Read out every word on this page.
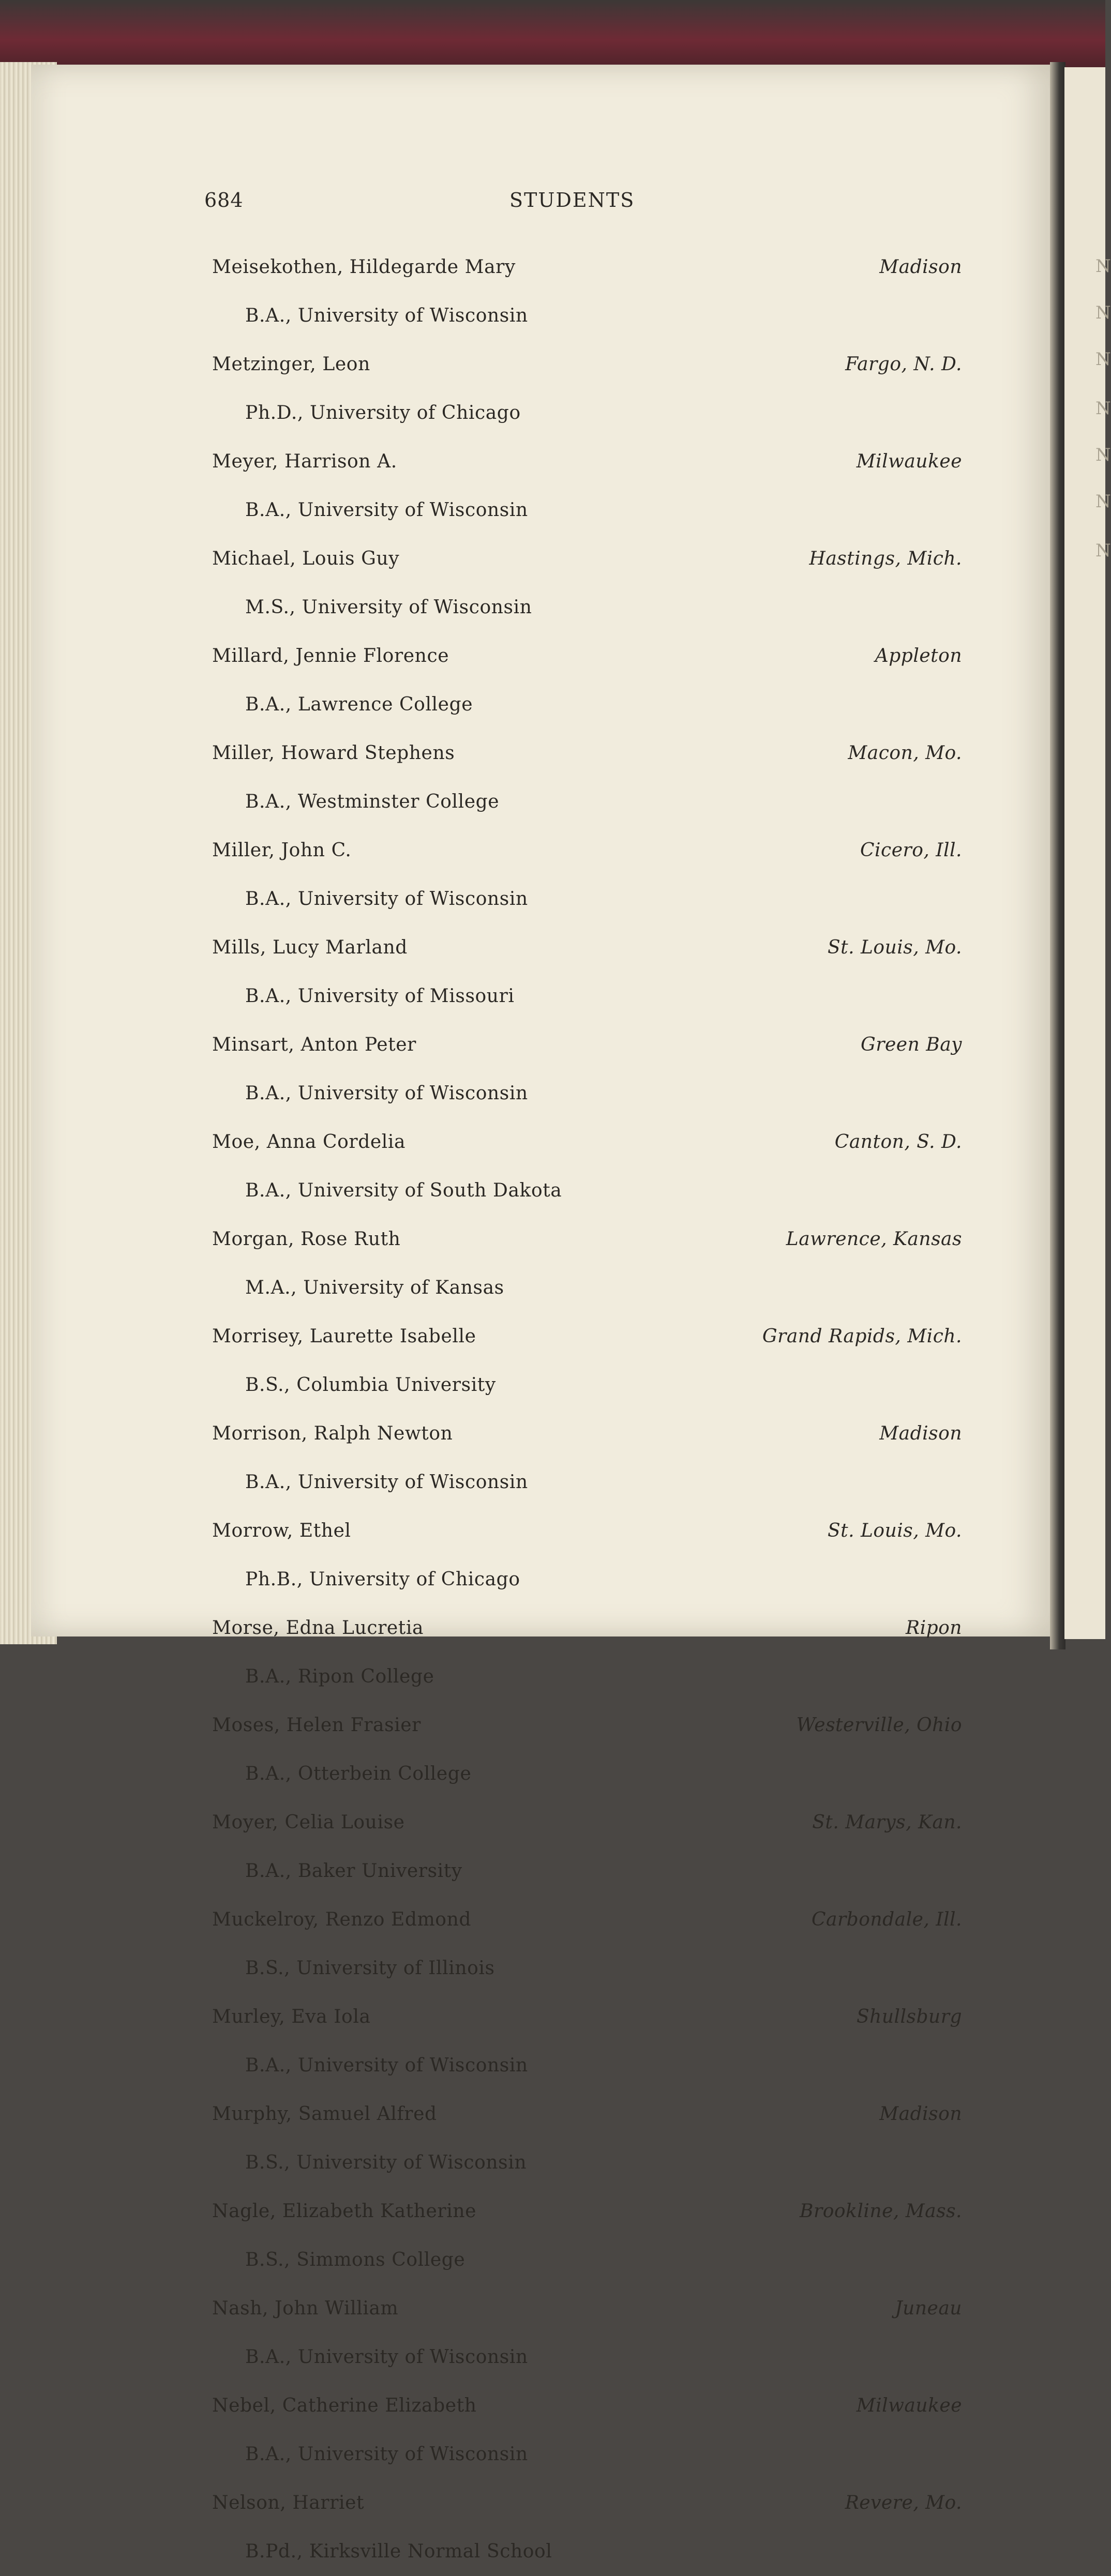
N
N
N
N
N
N
N
684	STUDENTS
Meisekothen, Hildegarde Mary
B.A., University of Wisconsin
Madison
Metzinger, Leon
Ph.D., University of Chicago
Fargo, N. D.
Meyer, Harrison A.
B.A., University of Wisconsin
Milwaukee
Michael, Louis Guy
M.S., University of Wisconsin
Hastings, Mich.
Millard, Jennie Florence
B.A., Lawrence College
Appleton
Miller, Howard Stephens
B.A., Westminster College
Macon, Mo.
Miller, John C.
B.A., University of Wisconsin
Cicero, Ill.
Mills, Lucy Marland
B.A., University of Missouri
St. Louis, Mo.
Minsart, Anton Peter
B.A., University of Wisconsin
Green Bay
Moe, Anna Cordelia
B.A., University of South Dakota
Canton, S. D.
Morgan, Rose Ruth
M.A., University of Kansas
Lawrence, Kansas
Morrisey, Laurette Isabelle
B.S., Columbia University
Grand Rapids, Mich.
Morrison, Ralph Newton
B.A., University of Wisconsin
Madison
Morrow, Ethel
Ph.B., University of Chicago
St. Louis, Mo.
Morse, Edna Lucretia
B.A., Ripon College
Ripon
Moses, Helen Frasier
B.A., Otterbein College
Westerville, Ohio
Moyer, Celia Louise
B.A., Baker University
St. Marys, Kan.
Muckelroy, Renzo Edmond
B.S., University of Illinois
Carbondale, Ill.
Murley, Eva Iola
B.A., University of Wisconsin
Shullsburg
Murphy, Samuel Alfred
B.S., University of Wisconsin
Madison
Nagle, Elizabeth Katherine
B.S., Simmons College
Brookline, Mass.
Nash, John William
B.A., University of Wisconsin
Juneau
Nebel, Catherine Elizabeth
B.A., University of Wisconsin
Milwaukee
Nelson, Harriet
B.Pd., Kirksville Normal School
Revere, Mo.
